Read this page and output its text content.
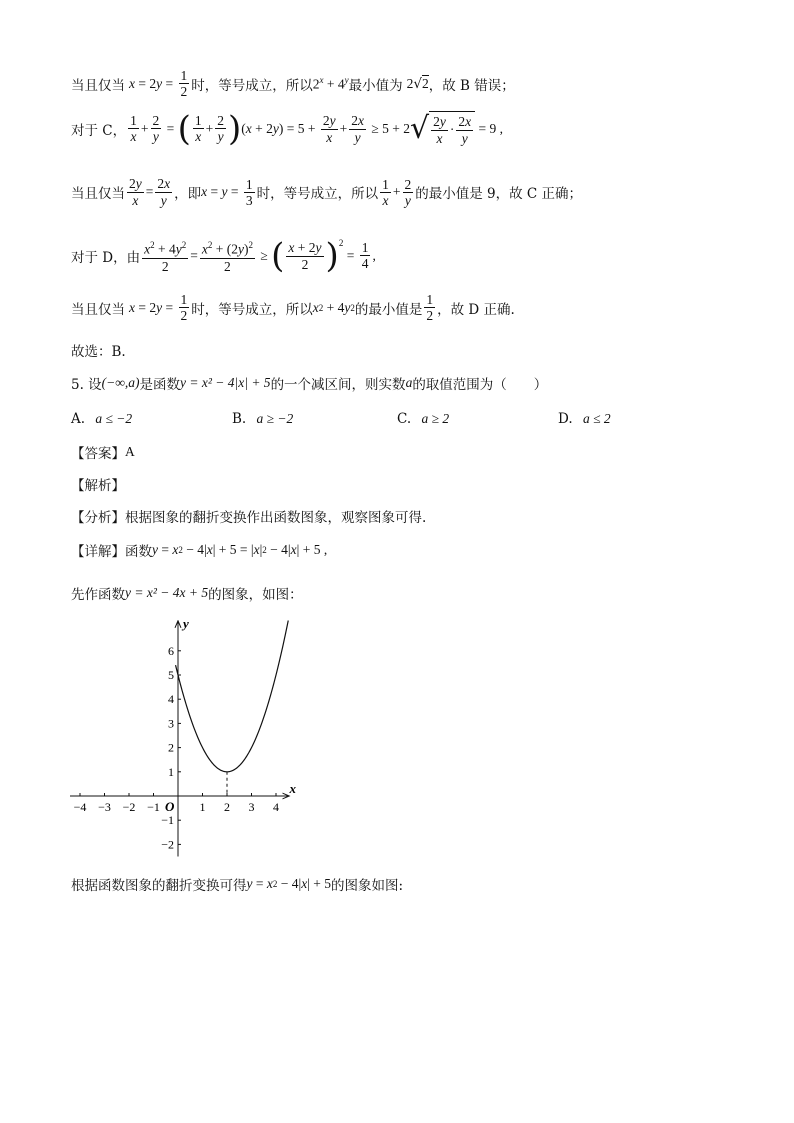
当且仅当 x = 2 $y = \frac{1}{2}$ 时，等号成立，所以 $2^x + 4^y$ 最小值为 2√2 ，故 B 错误；
对于 C， $\frac{1}{x} + \frac{2}{y}$ = ( $\frac{1}{x} + \frac{2}{y}$ ) ( x + 2 y ) = $5 + \frac{2y}{x} + \frac{2x}{y} \ge 5 + 2$ √ $\frac{2y}{x} \cdot \frac{2x}{y} = 9$ ,
当且仅当 $\frac{2y}{x} = \frac{2x}{y}$ ，即 $x = y = \frac{1}{3}$ 时，等号成立，所以 $\frac{1}{x} + \frac{2}{y}$ 的最小值是 9，故 C 正确；
对于 D，由 $\frac{x^2 + 4y^2}{2} = \frac{x^2 + (2y)^2}{2}$ ≥ ( $\frac{x + 2y}{2} )^2$
= $\frac{1}{4}$ ,
当且仅当 x = 2 $y = \frac{1}{2}$ 时，等号成立，所以 x 2 + 4 y 2 的最小值是 $\frac{1}{2}$ ，故 D 正确.
故选：B.
5. 设 (−∞,a) 是函数 y = x² − 4|x| + 5 的一个减区间，则实数 a 的取值范围为（　　）
A. a ≤ −2	B. a ≥ −2	C. a ≥ 2	D. a ≤ 2
【答案】 A
【解析】
【分析】 根据图象的翻折变换作出函数图象，观察图象可得.
【详解】 函数 y = x 2 − 4| x | + 5 = | x | 2 − 4| x | + 5 ,
先作函数 y = x² − 4x + 5 的图象，如图：
−4 −3 −2 −1	1 2 3 4
−2
−1
1
2
3
4
5
6
x
y
O
根据函数图象的翻折变换可得 y = x 2 − 4| x | + 5 的图象如图:
